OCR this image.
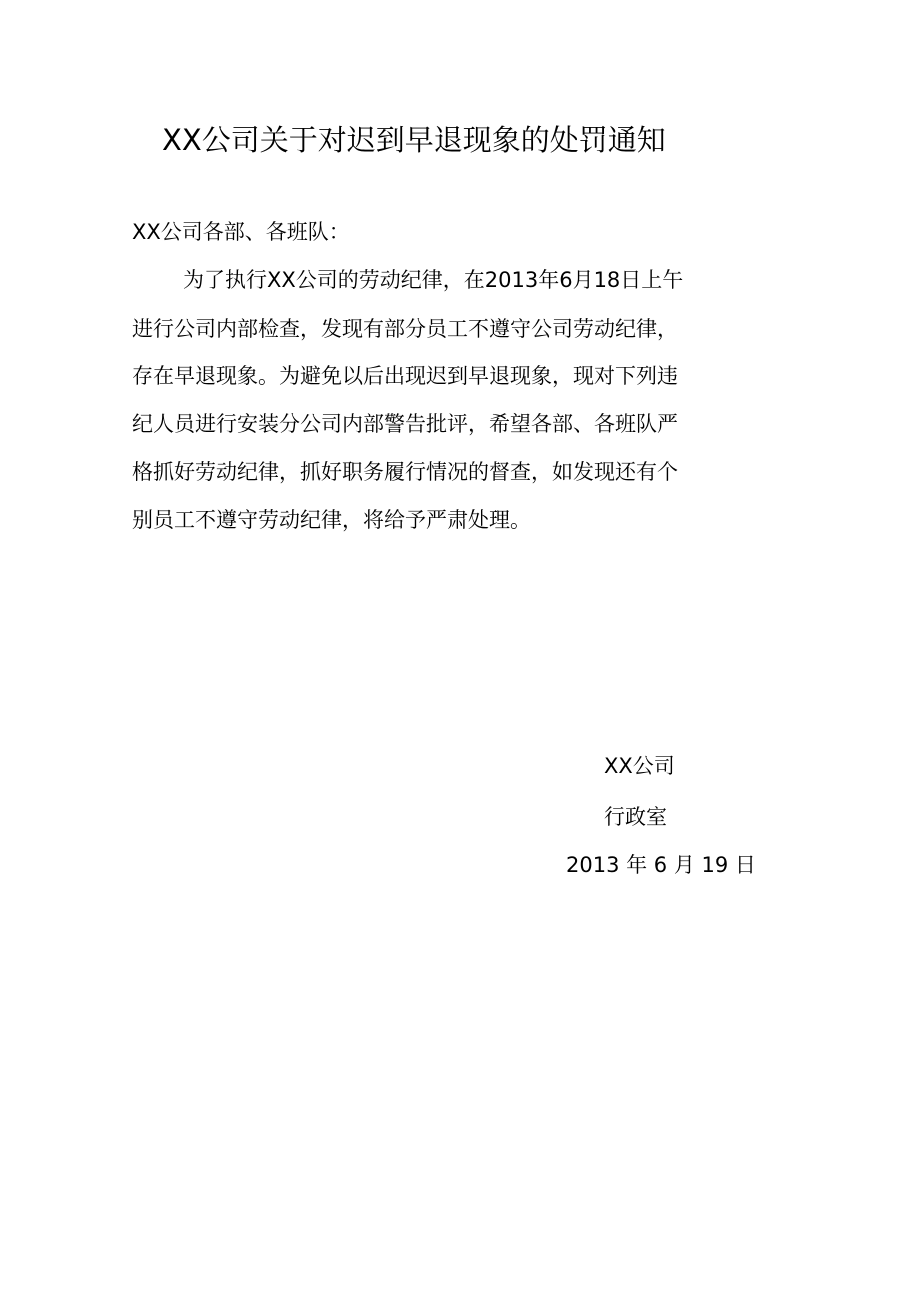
XX公司关于对迟到早退现象的处罚通知

XX公司各部、各班队：

为了执行XX公司的劳动纪律，在2013年6月18日上午

进行公司内部检查，发现有部分员工不遵守公司劳动纪律，

存在早退现象。为避免以后出现迟到早退现象，现对下列违

纪人员进行安装分公司内部警告批评，希望各部、各班队严

格抓好劳动纪律，抓好职务履行情况的督查，如发现还有个

别员工不遵守劳动纪律，将给予严肃处理。

XX公司

行政室

2013 年 6 月 19 日
